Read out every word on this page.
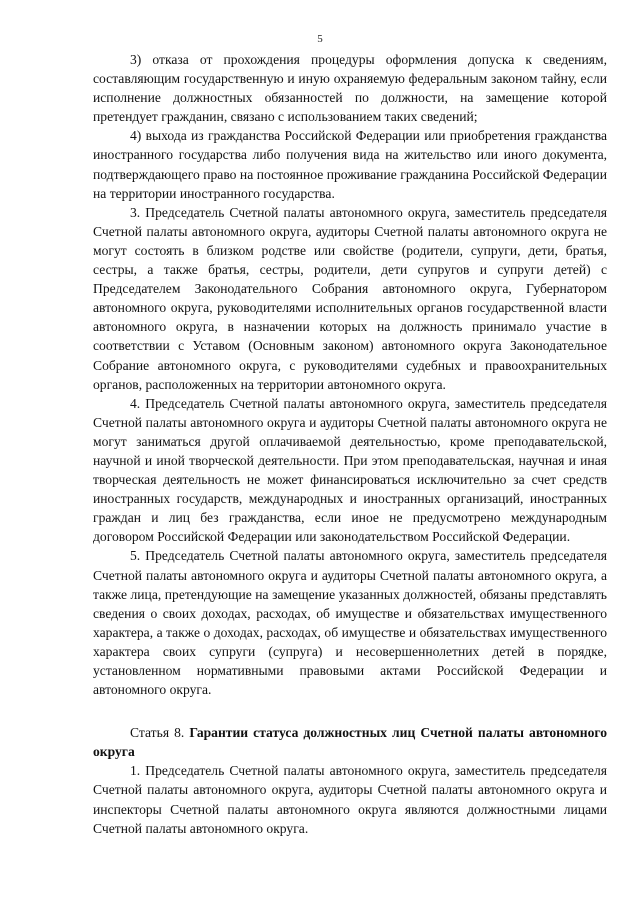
5

3) отказа от прохождения процедуры оформления допуска к сведениям, составляющим государственную и иную охраняемую федеральным законом тайну, если исполнение должностных обязанностей по должности, на замещение которой претендует гражданин, связано с использованием таких сведений;

4) выхода из гражданства Российской Федерации или приобретения гражданства иностранного государства либо получения вида на жительство или иного документа, подтверждающего право на постоянное проживание гражданина Российской Федерации на территории иностранного государства.

3. Председатель Счетной палаты автономного округа, заместитель председателя Счетной палаты автономного округа, аудиторы Счетной палаты автономного округа не могут состоять в близком родстве или свойстве (родители, супруги, дети, братья, сестры, а также братья, сестры, родители, дети супругов и супруги детей) с Председателем Законодательного Собрания автономного округа, Губернатором автономного округа, руководителями исполнительных органов государственной власти автономного округа, в назначении которых на должность принимало участие в соответствии с Уставом (Основным законом) автономного округа Законодательное Собрание автономного округа, с руководителями судебных и правоохранительных органов, расположенных на территории автономного округа.

4. Председатель Счетной палаты автономного округа, заместитель председателя Счетной палаты автономного округа и аудиторы Счетной палаты автономного округа не могут заниматься другой оплачиваемой деятельностью, кроме преподавательской, научной и иной творческой деятельности. При этом преподавательская, научная и иная творческая деятельность не может финансироваться исключительно за счет средств иностранных государств, международных и иностранных организаций, иностранных граждан и лиц без гражданства, если иное не предусмотрено международным договором Российской Федерации или законодательством Российской Федерации.

5. Председатель Счетной палаты автономного округа, заместитель председателя Счетной палаты автономного округа и аудиторы Счетной палаты автономного округа, а также лица, претендующие на замещение указанных должностей, обязаны представлять сведения о своих доходах, расходах, об имуществе и обязательствах имущественного характера, а также о доходах, расходах, об имуществе и обязательствах имущественного характера своих супруги (супруга) и несовершеннолетних детей в порядке, установленном нормативными правовыми актами Российской Федерации и автономного округа.

Статья 8. Гарантии статуса должностных лиц Счетной палаты автономного округа

1. Председатель Счетной палаты автономного округа, заместитель председателя Счетной палаты автономного округа, аудиторы Счетной палаты автономного округа и инспекторы Счетной палаты автономного округа являются должностными лицами Счетной палаты автономного округа.
